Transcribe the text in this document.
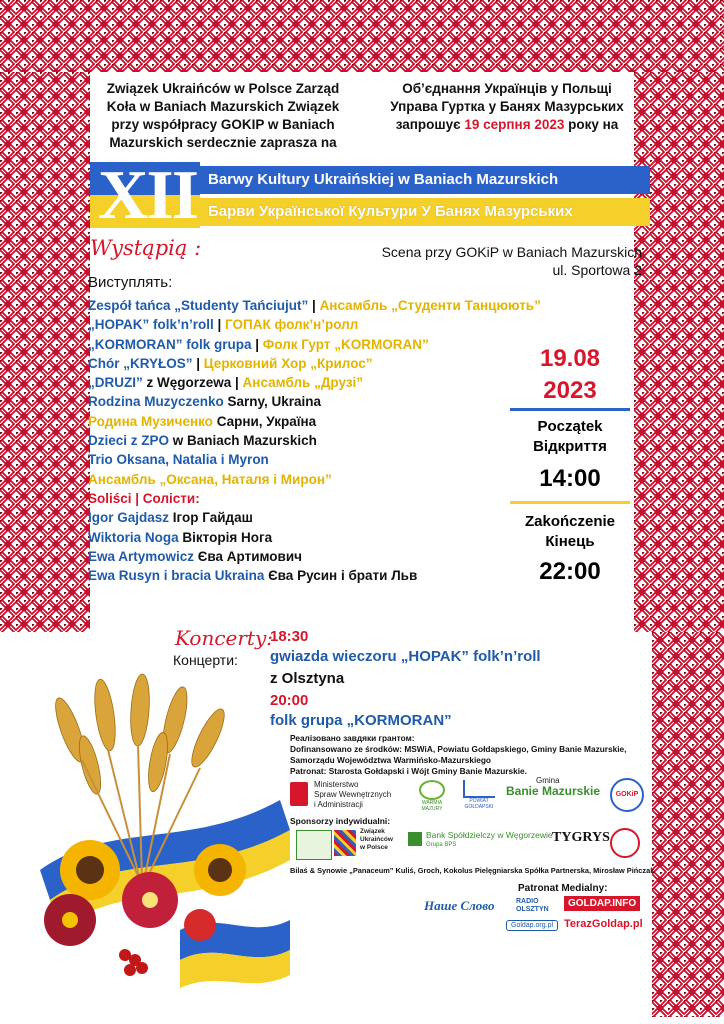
Związek Ukraińców w Polsce Zarząd
Koła w Baniach Mazurskich Związek
przy współpracy GOKIP w Baniach
Mazurskich serdecznie zaprasza na
Об’єднання Українців у Польщі
Управа Гуртка у Банях Мазурських
запрошує 19 серпня 2023 року на
XII Barwy Kultury Ukraińskiej w Baniach Mazurskich
Барви Української Культури У Банях Мазурських
Wystąpią :
Виступлять:
Scena przy GOKiP w Baniach Mazurskich
ul. Sportowa 2
Zespół tańca „Studenty Tańciujut” | Ансамбль „Студенти Танцюють”
„HOPAK” folk’n’roll | ГОПАК фолк’н’ролл
„KORMORAN” folk grupa | Фолк Гурт „KORMORAN”
Chór „KRYŁOS” | Церковний Хор „Крилос”
„DRUZI” z Węgorzewa | Ансамбль „Друзі”
Rodzina Muzyczenko Sarny, Ukraina
Родина Музиченко Сарни, Україна
Dzieci z ZPO w Baniach Mazurskich
Trio Oksana, Natalia i Myron
Ансамбль „Оксана, Наталя і Мирон”
Soliści | Солісти:
Igor Gajdasz Ігор Гайдаш
Wiktoria Noga Вікторія Нога
Ewa Artymowicz Єва Артимович
Ewa Rusyn i bracia Ukraina Єва Русин і брати Льв
19.08
2023
Początek
Відкриття
14:00
Zakończenie
Кінець
22:00
Koncerty:
Концерти:
18:30
gwiazda wieczoru „HOPAK” folk’n’roll
z Olsztyna
20:00
folk grupa „KORMORAN”
Реалізовано завдяки грантом:
Dofinansowano ze środków: MSWiA, Powiatu Gołdapskiego, Gminy Banie Mazurskie,
Samorządu Województwa Warmińsko-Mazurskiego
Patronat: Starosta Gołdapski i Wójt Gminy Banie Mazurskie.
Ministerstwo
Spraw Wewnętrznych
i Administracji	WARMIA MAZURY
POWIAT GOŁDAPSKI
Gmina
Banie Mazurskie	GOKiP
Sponsorzy indywidualni:
Związek
Ukraińców
w Polsce
Bank Spółdzielczy w Węgorzewie
Grupa BPS	TYGRYS
Bilaś & Synowie „Panaceum” Kuliś, Groch, Kokolus Pielęgniarska Spółka Partnerska, Mirosław Pińczak
Patronat Medialny:
Наше Слово	RADIO OLSZTYN
GOLDAP.INFO
Goldap.org.pl TerazGoldap.pl
